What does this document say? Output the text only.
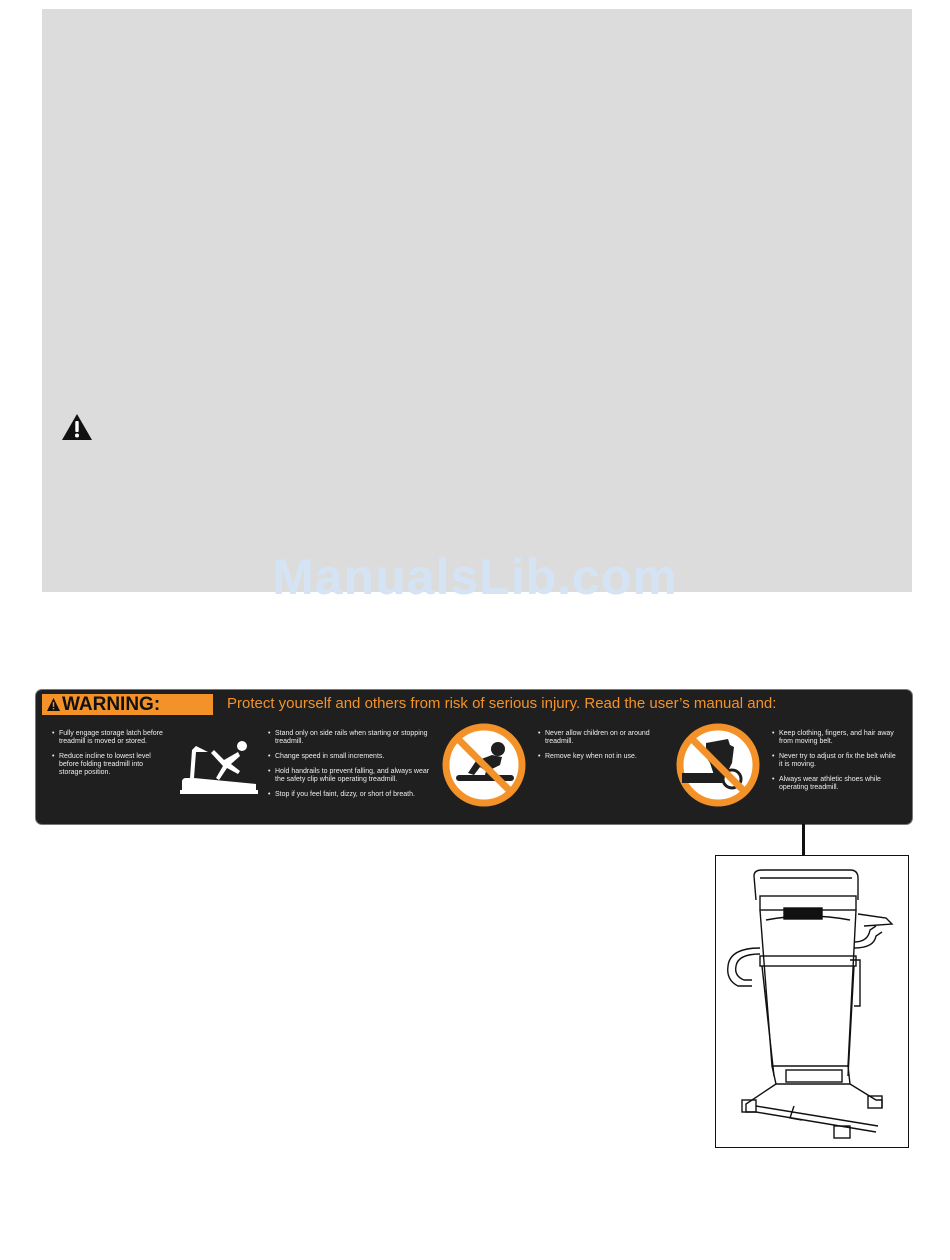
ManualsLib.com
WARNING:	Protect yourself and others from risk of serious injury. Read the user’s manual and:
• Fully engage storage latch before treadmill is moved or stored.
• Reduce incline to lowest level before folding treadmill into storage position.
• Stand only on side rails when starting or stopping treadmill.
• Change speed in small increments.
• Hold handrails to prevent falling, and always wear the safety clip while operating treadmill.
• Stop if you feel faint, dizzy, or short of breath.
• Never allow children on or around treadmill.
• Remove key when not in use.
• Keep clothing, fingers, and hair away from moving belt.
• Never try to adjust or fix the belt while it is moving.
• Always wear athletic shoes while operating treadmill.
